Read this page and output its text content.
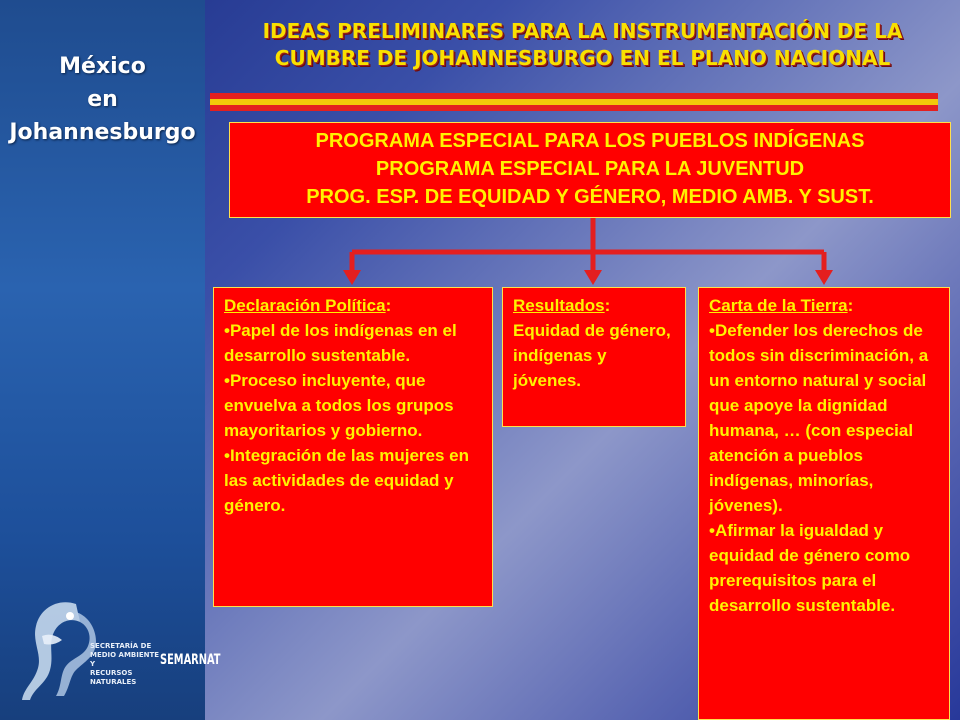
México
en Johannesburgo
SECRETARÍA DE
MEDIO AMBIENTE Y
RECURSOS NATURALES
SEMARNAT
IDEAS PRELIMINARES PARA LA INSTRUMENTACIÓN DE LA
CUMBRE DE JOHANNESBURGO EN EL PLANO NACIONAL
PROGRAMA ESPECIAL PARA LOS PUEBLOS INDÍGENAS
PROGRAMA ESPECIAL PARA LA JUVENTUD
PROG. ESP. DE EQUIDAD Y GÉNERO, MEDIO AMB. Y SUST.
Declaración Política:
• Papel de los indígenas en el desarrollo sustentable.
• Proceso incluyente, que envuelva a todos los grupos mayoritarios y gobierno.
• Integración de las mujeres en las actividades de equidad y género.
Resultados:
Equidad de género, indígenas y jóvenes.
Carta de la Tierra:
• Defender los derechos de todos sin discriminación, a un entorno natural y social que apoye la dignidad humana, … (con especial atención a pueblos indígenas, minorías, jóvenes).
• Afirmar la igualdad y equidad de género como prerequisitos para el desarrollo sustentable.
